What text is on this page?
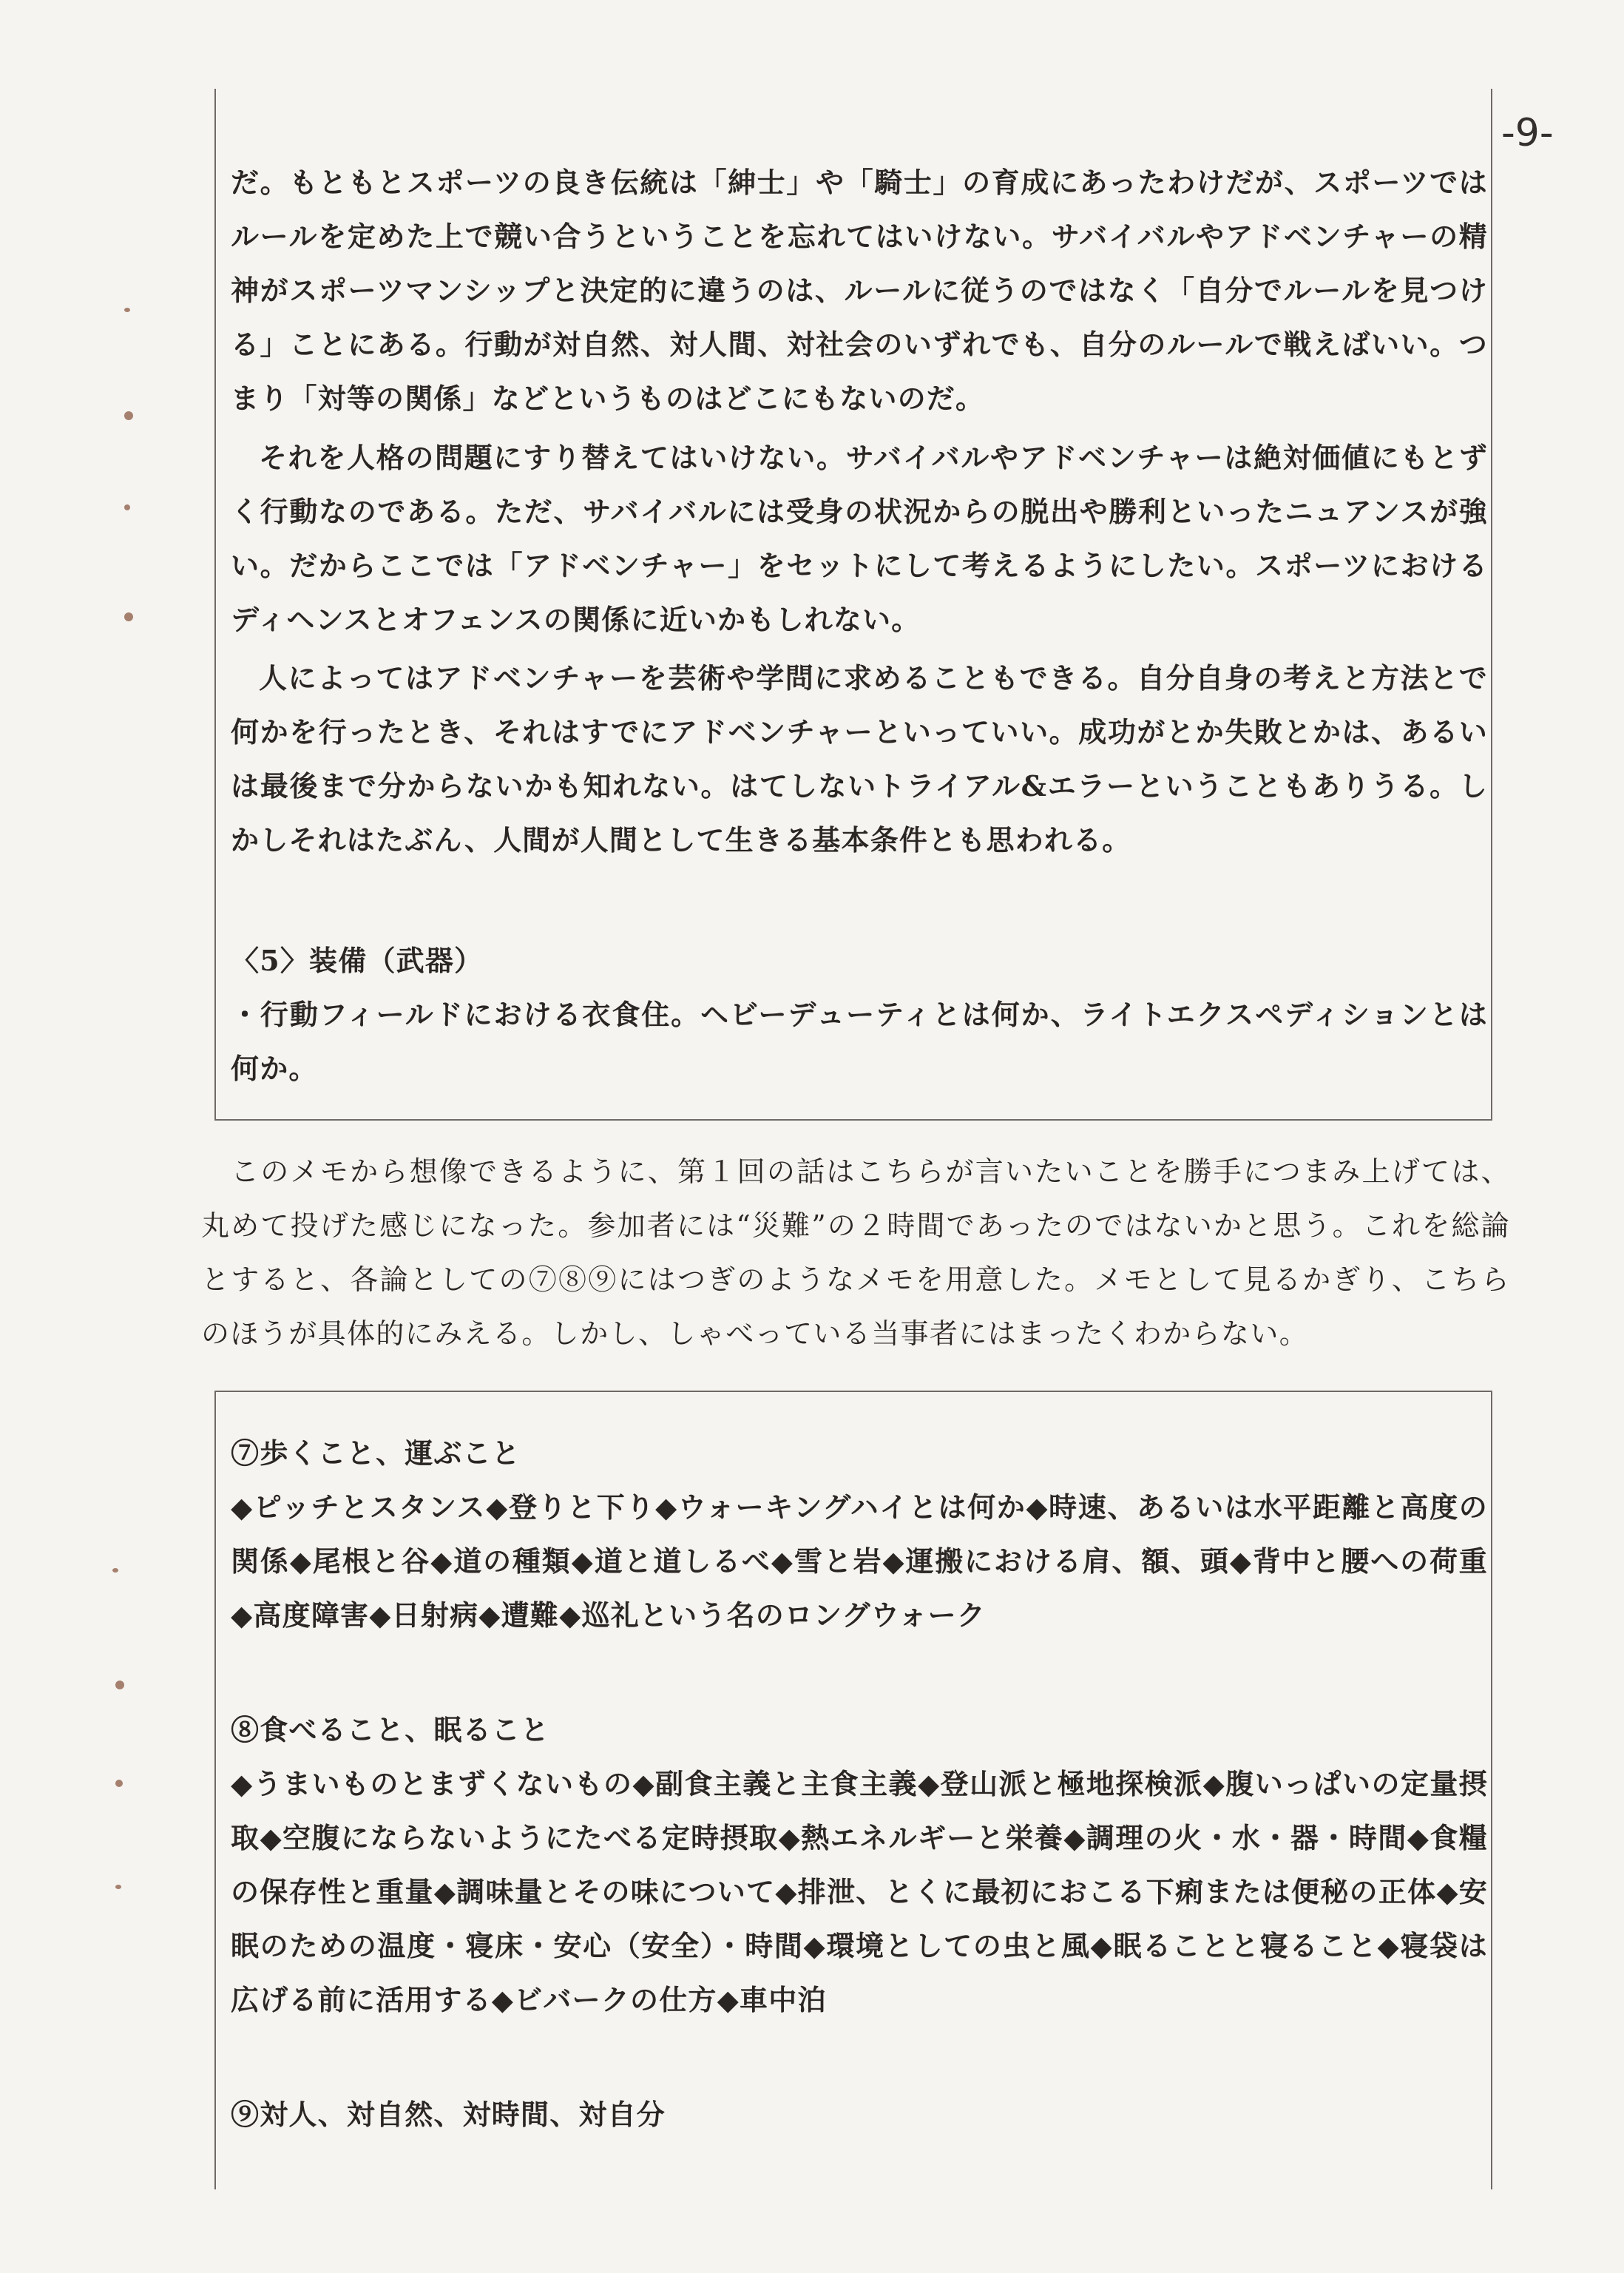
-9-

だ。もともとスポーツの良き伝統は「紳士」や「騎士」の育成にあったわけだが、スポーツではルールを定めた上で競い合うということを忘れてはいけない。サバイバルやアドベンチャーの精神がスポーツマンシップと決定的に違うのは、ルールに従うのではなく「自分でルールを見つける」ことにある。行動が対自然、対人間、対社会のいずれでも、自分のルールで戦えばいい。つまり「対等の関係」などというものはどこにもないのだ。

それを人格の問題にすり替えてはいけない。サバイバルやアドベンチャーは絶対価値にもとずく行動なのである。ただ、サバイバルには受身の状況からの脱出や勝利といったニュアンスが強い。だからここでは「アドベンチャー」をセットにして考えるようにしたい。スポーツにおけるディヘンスとオフェンスの関係に近いかもしれない。

人によってはアドベンチャーを芸術や学問に求めることもできる。自分自身の考えと方法とで何かを行ったとき、それはすでにアドベンチャーといっていい。成功がとか失敗とかは、あるいは最後まで分からないかも知れない。はてしないトライアル&エラーということもありうる。しかしそれはたぶん、人間が人間として生きる基本条件とも思われる。

〈5〉装備（武器）

・行動フィールドにおける衣食住。ヘビーデューティとは何か、ライトエクスペディションとは何か。

このメモから想像できるように、第１回の話はこちらが言いたいことを勝手につまみ上げては、丸めて投げた感じになった。参加者には“災難”の２時間であったのではないかと思う。これを総論とすると、各論としての⑦⑧⑨にはつぎのようなメモを用意した。メモとして見るかぎり、こちらのほうが具体的にみえる。しかし、しゃべっている当事者にはまったくわからない。

⑦歩くこと、運ぶこと

◆ピッチとスタンス◆登りと下り◆ウォーキングハイとは何か◆時速、あるいは水平距離と高度の関係◆尾根と谷◆道の種類◆道と道しるべ◆雪と岩◆運搬における肩、額、頭◆背中と腰への荷重◆高度障害◆日射病◆遭難◆巡礼という名のロングウォーク

⑧食べること、眠ること

◆うまいものとまずくないもの◆副食主義と主食主義◆登山派と極地探検派◆腹いっぱいの定量摂取◆空腹にならないようにたべる定時摂取◆熱エネルギーと栄養◆調理の火・水・器・時間◆食糧の保存性と重量◆調味量とその味について◆排泄、とくに最初におこる下痢または便秘の正体◆安眠のための温度・寝床・安心（安全）・時間◆環境としての虫と風◆眠ることと寝ること◆寝袋は広げる前に活用する◆ビバークの仕方◆車中泊

⑨対人、対自然、対時間、対自分
